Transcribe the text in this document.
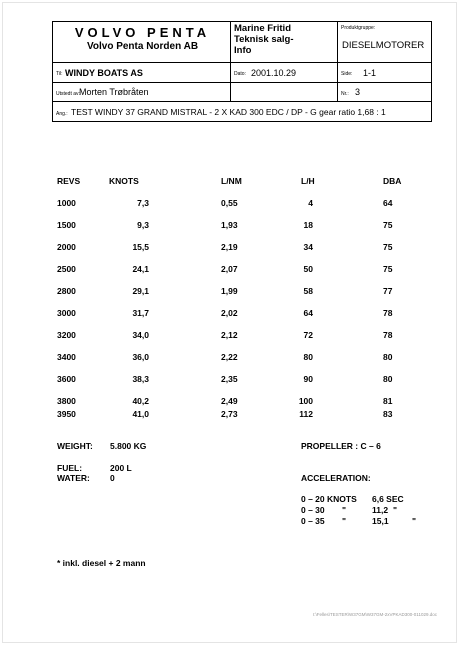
VOLVO PENTA
Volvo Penta Norden AB
Marine Fritid
Teknisk salg-
Info
Produktgruppe:
DIESELMOTORER
Til: WINDY BOATS AS	Dato: 2001.10.29	Side: 1-1
Utstedt av: Morten Trøbråten	Nr.: 3
Ang.: TEST WINDY 37 GRAND MISTRAL - 2 X KAD 300 EDC / DP - G gear ratio 1,68 : 1
REVS	KNOTS	L/NM	L/H	DBA
1000	7,3	0,55	4	64
1500	9,3	1,93	18	75
2000	15,5	2,19	34	75
2500	24,1	2,07	50	75
2800	29,1	1,99	58	77
3000	31,7	2,02	64	78
3200	34,0	2,12	72	78
3400	36,0	2,22	80	80
3600	38,3	2,35	90	80
3800	40,2	2,49	100	81
3950	41,0	2,73	112	83
WEIGHT: 5.800 KG	PROPELLER : C – 6
FUEL:	200 L
WATER: 0	ACCELERATION:
0 – 20 KNOTS 6,6 SEC
0 – 30 "	11,2 "
0 – 35 "	15,1	"
* inkl. diesel + 2 mann
I:\Felles\TESTER\W37GM\W37GM-2xVPKAD300-011029.doc
